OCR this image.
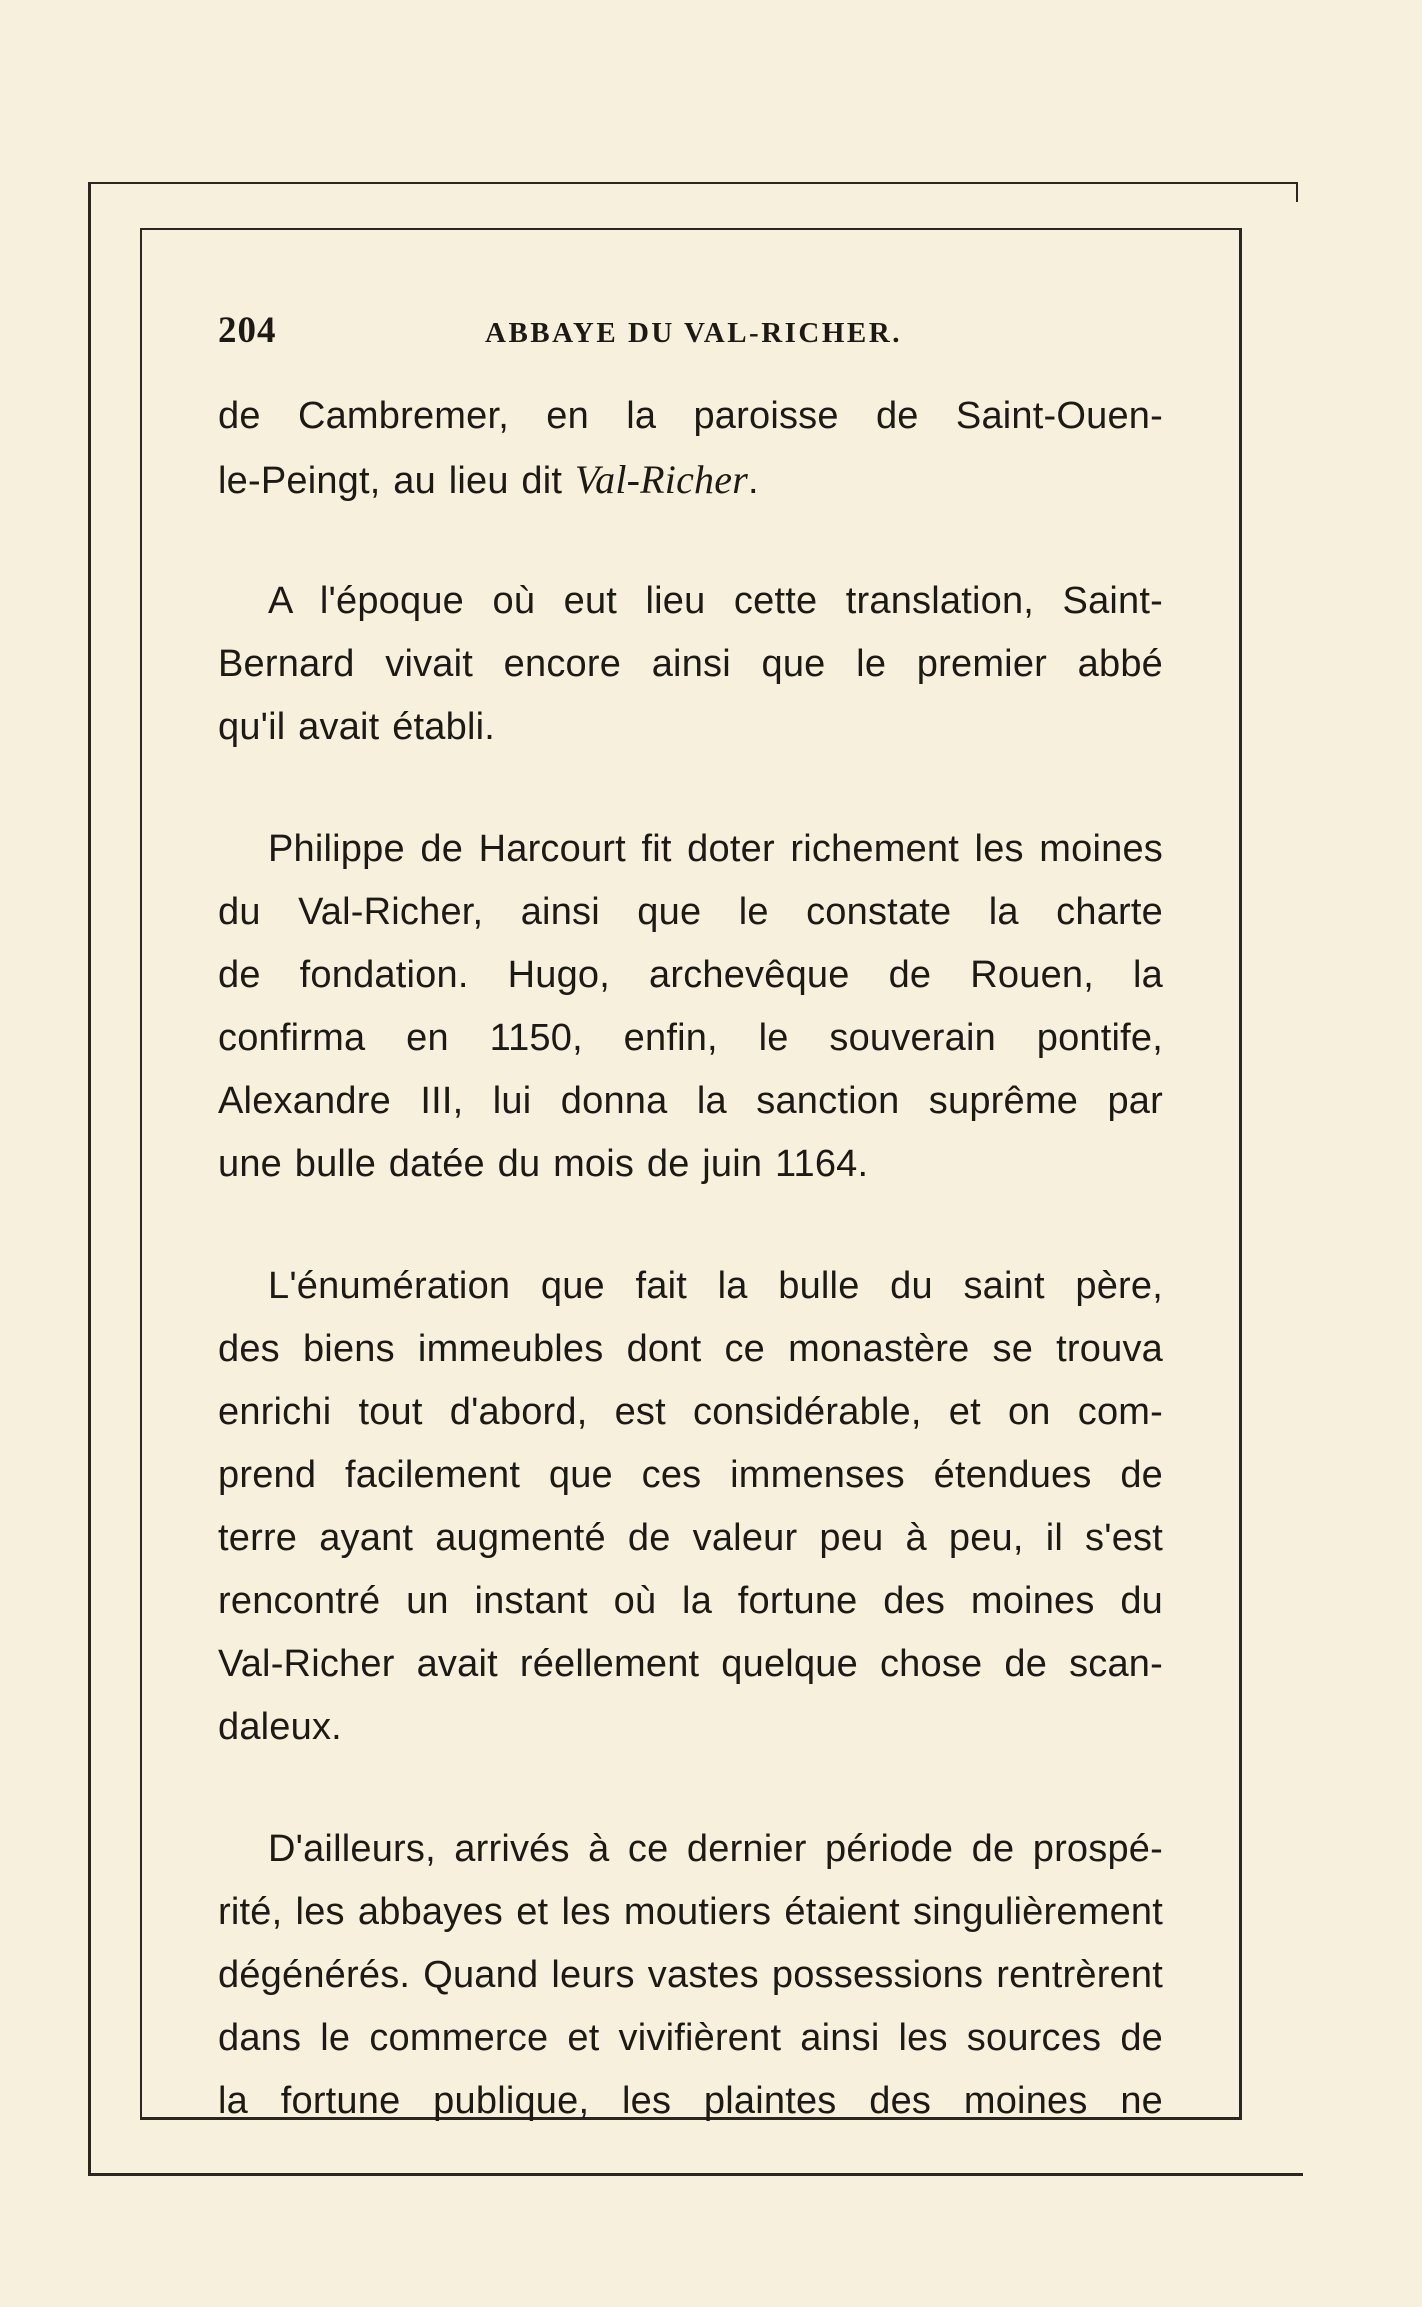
204	ABBAYE DU VAL-RICHER.

de Cambremer, en la paroisse de Saint-Ouen-
le-Peingt, au lieu dit Val-Richer.

A l'époque où eut lieu cette translation, Saint-
Bernard vivait encore ainsi que le premier abbé
qu'il avait établi.

Philippe de Harcourt fit doter richement les moines
du Val-Richer, ainsi que le constate la charte
de fondation. Hugo, archevêque de Rouen, la
confirma en 1150, enfin, le souverain pontife,
Alexandre III, lui donna la sanction suprême par
une bulle datée du mois de juin 1164.

L'énumération que fait la bulle du saint père,
des biens immeubles dont ce monastère se trouva
enrichi tout d'abord, est considérable, et on com-
prend facilement que ces immenses étendues de
terre ayant augmenté de valeur peu à peu, il s'est
rencontré un instant où la fortune des moines du
Val-Richer avait réellement quelque chose de scan-
daleux.

D'ailleurs, arrivés à ce dernier période de prospé-
rité, les abbayes et les moutiers étaient singulièrement
dégénérés. Quand leurs vastes possessions rentrèrent
dans le commerce et vivifièrent ainsi les sources de
la fortune publique, les plaintes des moines ne
